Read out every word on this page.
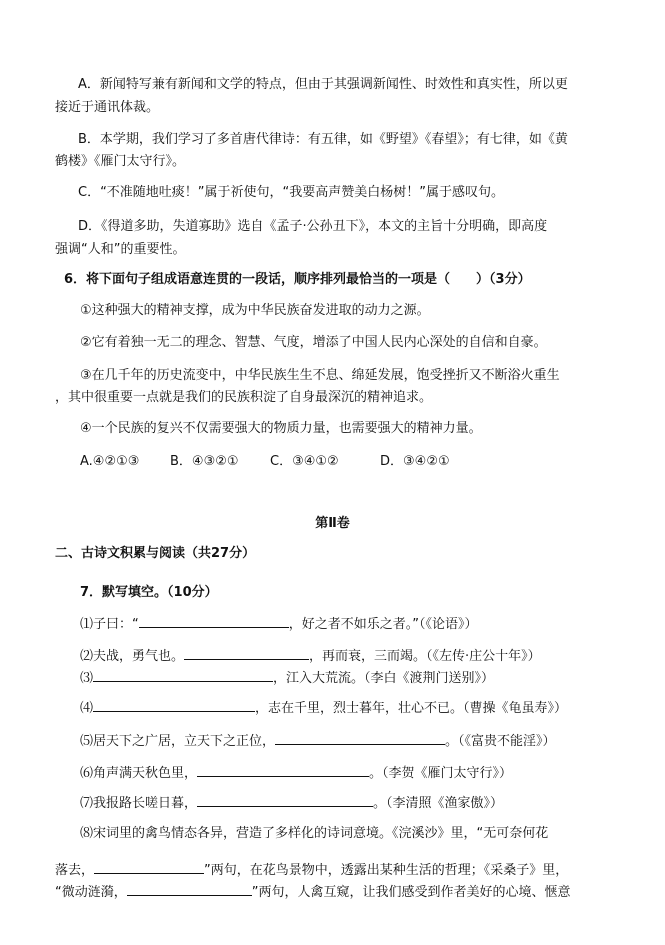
A．新闻特写兼有新闻和文学的特点，但由于其强调新闻性、时效性和真实性，所以更
接近于通讯体裁。
B．本学期，我们学习了多首唐代律诗：有五律，如《野望》《春望》；有七律，如《黄
鹤楼》《雁门太守行》。
C．“不准随地吐痰！”属于祈使句，“我要高声赞美白杨树！”属于感叹句。
D．《得道多助，失道寡助》选自《孟子·公孙丑下》，本文的主旨十分明确，即高度
强调“人和”的重要性。
6．将下面句子组成语意连贯的一段话，顺序排列最恰当的一项是（　　）（3分）
①这种强大的精神支撑，成为中华民族奋发进取的动力之源。
②它有着独一无二的理念、智慧、气度，增添了中国人民内心深处的自信和自豪。
③在几千年的历史流变中，中华民族生生不息、绵延发展，饱受挫折又不断浴火重生
，其中很重要一点就是我们的民族积淀了自身最深沉的精神追求。
④一个民族的复兴不仅需要强大的物质力量，也需要强大的精神力量。
A.④②①③ B．④③②① C．③④①②	D．③④②①
第Ⅱ卷
二、古诗文积累与阅读（共27分）
7．默写填空。（10分）
⑴子曰：“	，好之者不如乐之者。”（《论语》）
⑵夫战，勇气也。	，再而衰，三而竭。（《左传·庄公十年》）
⑶	，江入大荒流。（李白《渡荆门送别》）
⑷	，志在千里，烈士暮年，壮心不已。（曹操《龟虽寿》）
⑸居天下之广居，立天下之正位，	。（《富贵不能淫》）
⑹角声满天秋色里，	。（李贺《雁门太守行》）
⑺我报路长嗟日暮，	。（李清照《渔家傲》）
⑻宋词里的禽鸟情态各异，营造了多样化的诗词意境。《浣溪沙》里，“无可奈何花
落去，	”两句，在花鸟景物中，透露出某种生活的哲理；《采桑子》里，
“微动涟漪，	”两句，人禽互窥，让我们感受到作者美好的心境、惬意
